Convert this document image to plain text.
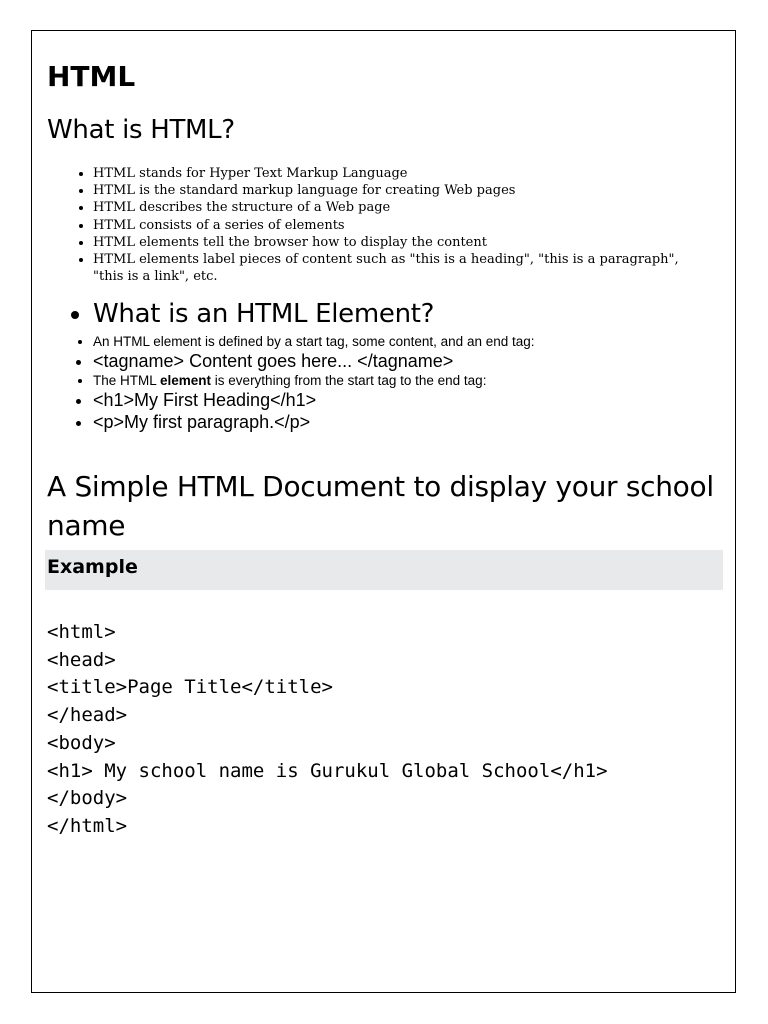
HTML
What is HTML?
• HTML stands for Hyper Text Markup Language
• HTML is the standard markup language for creating Web pages
• HTML describes the structure of a Web page
• HTML consists of a series of elements
• HTML elements tell the browser how to display the content
• HTML elements label pieces of content such as "this is a heading", "this is a paragraph", "this is a link", etc.
• What is an HTML Element?
• An HTML element is defined by a start tag, some content, and an end tag:
• <tagname> Content goes here... </tagname>
• The HTML element is everything from the start tag to the end tag:
• <h1>My First Heading</h1>
• <p>My first paragraph.</p>
A Simple HTML Document to display your school name
Example
<html>
<head>
<title>Page Title</title>
</head>
<body>
<h1> My school name is Gurukul Global School</h1>
</body>
</html>
